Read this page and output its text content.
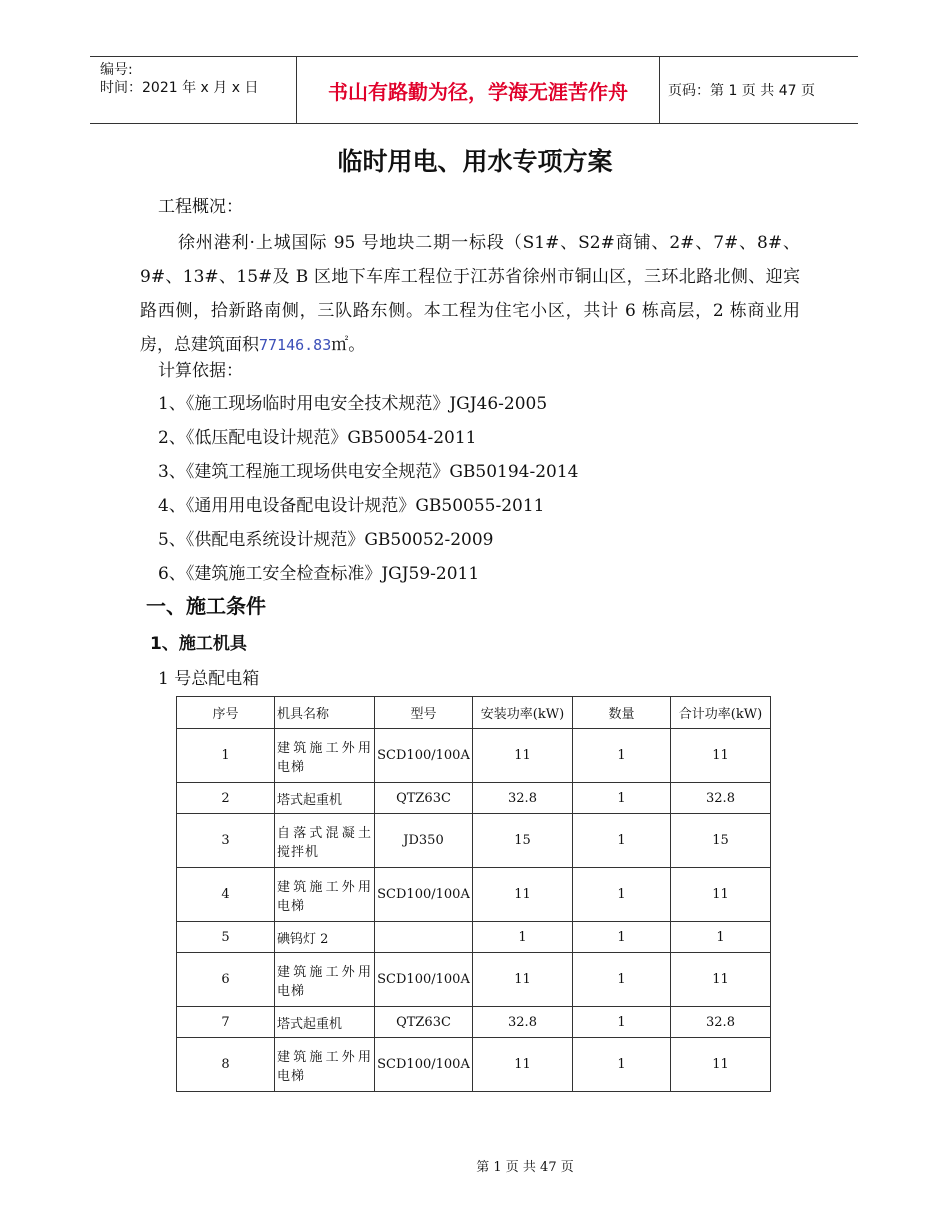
编号:
时间：2021 年 x 月 x 日	书山有路勤为径，学海无涯苦作舟	页码：第 1 页 共 47 页
临时用电、用水专项方案
工程概况：
徐州港利·上城国际 95 号地块二期一标段（S1#、S2#商铺、2#、7#、8#、9#、13#、15#及 B 区地下车库工程位于江苏省徐州市铜山区，三环北路北侧、迎宾路西侧，拾新路南侧，三队路东侧。本工程为住宅小区，共计 6 栋高层，2 栋商业用房，总建筑面积77146.83㎡。
计算依据：
1、《施工现场临时用电安全技术规范》JGJ46-2005
2、《低压配电设计规范》GB50054-2011
3、《建筑工程施工现场供电安全规范》GB50194-2014
4、《通用用电设备配电设计规范》GB50055-2011
5、《供配电系统设计规范》GB50052-2009
6、《建筑施工安全检查标准》JGJ59-2011
一、施工条件
1、施工机具
1 号总配电箱
序号	机具名称	型号	安装功率(kW)	数量	合计功率(kW)
1	建筑施工外用电梯	SCD100/100A	11	1	11
2	塔式起重机	QTZ63C	32.8	1	32.8
3	自落式混凝土搅拌机	JD350	15	1	15
4	建筑施工外用电梯	SCD100/100A	11	1	11
5	碘钨灯 2		1	1	1
6	建筑施工外用电梯	SCD100/100A	11	1	11
7	塔式起重机	QTZ63C	32.8	1	32.8
8	建筑施工外用电梯	SCD100/100A	11	1	11
第 1 页 共 47 页
